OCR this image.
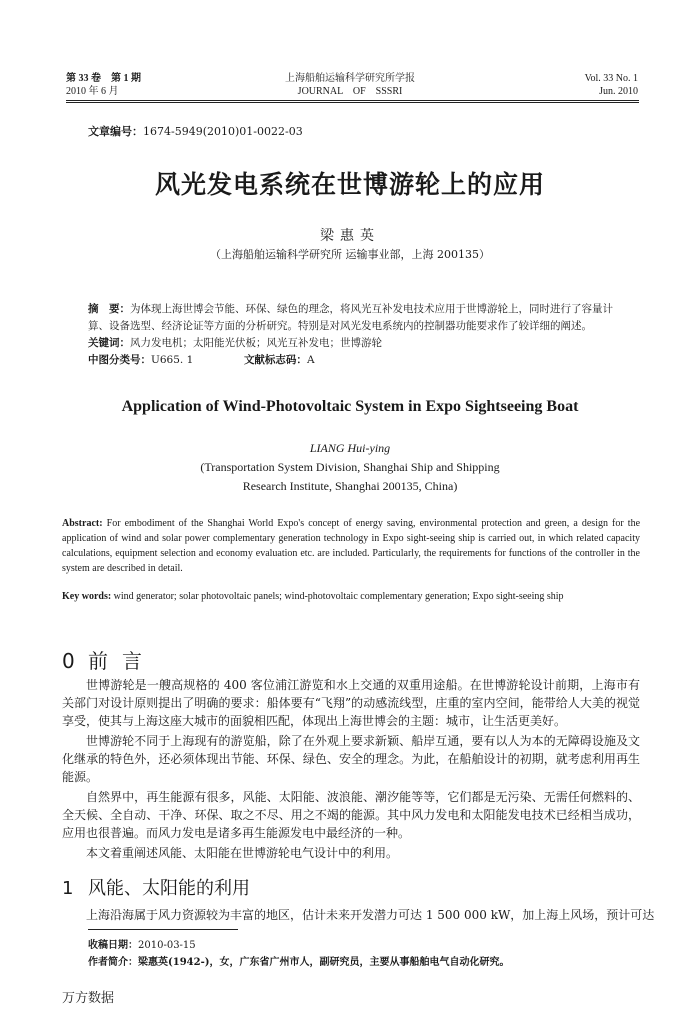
第 33 卷　第 1 期
2010 年 6 月
上海船舶运输科学研究所学报
JOURNAL　OF　SSSRI
Vol. 33 No. 1
Jun. 2010
文章编号：1674-5949(2010)01-0022-03
风光发电系统在世博游轮上的应用
梁惠英
（上海船舶运输科学研究所 运输事业部，上海 200135）
摘　要：为体现上海世博会节能、环保、绿色的理念，将风光互补发电技术应用于世博游轮上，同时进行了容量计
算、设备选型、经济论证等方面的分析研究。特别是对风光发电系统内的控制器功能要求作了较详细的阐述。
关键词：风力发电机；太阳能光伏板；风光互补发电；世博游轮
中图分类号：U665. 1	文献标志码：A
Application of Wind-Photovoltaic System in Expo Sightseeing Boat
LIANG Hui-ying
(Transportation System Division, Shanghai Ship and Shipping
Research Institute, Shanghai 200135, China)
Abstract: For embodiment of the Shanghai World Expo's concept of energy saving, environmental protection and green, a design for the application of wind and solar power complementary generation technology in Expo sight-seeing ship is carried out, in which related capacity calculations, equipment selection and economy evaluation etc. are included. Particularly, the requirements for functions of the controller in the system are described in detail.
Key words: wind generator; solar photovoltaic panels; wind-photovoltaic complementary generation; Expo sight-seeing ship
0 前言
世博游轮是一艘高规格的 400 客位浦江游览和水上交通的双重用途船。在世博游轮设计前期，上海市有关部门对设计原则提出了明确的要求：船体要有“飞翔”的动感流线型，庄重的室内空间，能带给人大美的视觉享受，使其与上海这座大城市的面貌相匹配，体现出上海世博会的主题：城市，让生活更美好。
世博游轮不同于上海现有的游览船，除了在外观上要求新颖、船岸互通，要有以人为本的无障碍设施及文化继承的特色外，还必须体现出节能、环保、绿色、安全的理念。为此，在船舶设计的初期，就考虑利用再生能源。
自然界中，再生能源有很多，风能、太阳能、波浪能、潮汐能等等，它们都是无污染、无需任何燃料的、全天候、全自动、干净、环保、取之不尽、用之不竭的能源。其中风力发电和太阳能发电技术已经相当成功，应用也很普遍。而风力发电是诸多再生能源发电中最经济的一种。
本文着重阐述风能、太阳能在世博游轮电气设计中的利用。
1 风能、太阳能的利用
上海沿海属于风力资源较为丰富的地区，估计未来开发潜力可达 1 500 000 kW，加上海上风场，预计可达
收稿日期：2010-03-15
作者简介：梁惠英(1942-)，女，广东省广州市人，副研究员，主要从事船舶电气自动化研究。
万方数据
